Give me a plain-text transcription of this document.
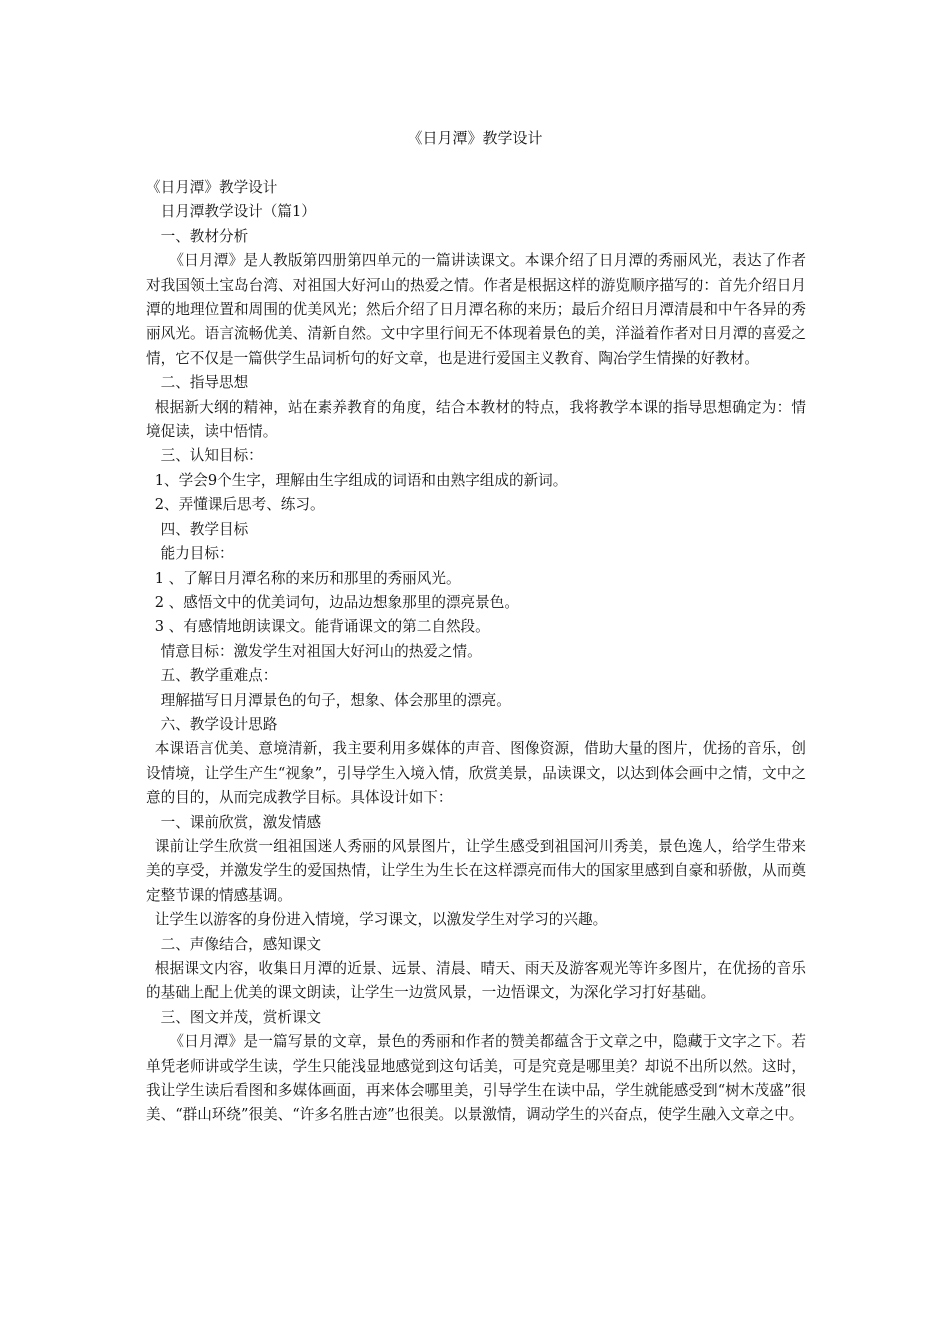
《日月潭》教学设计

《日月潭》教学设计

日月潭教学设计（篇1）

一、教材分析

《日月潭》是人教版第四册第四单元的一篇讲读课文。本课介绍了日月潭的秀丽风光，表达了作者对我国领土宝岛台湾、对祖国大好河山的热爱之情。作者是根据这样的游览顺序描写的：首先介绍日月潭的地理位置和周围的优美风光；然后介绍了日月潭名称的来历；最后介绍日月潭清晨和中午各异的秀丽风光。语言流畅优美、清新自然。文中字里行间无不体现着景色的美，洋溢着作者对日月潭的喜爱之情，它不仅是一篇供学生品词析句的好文章，也是进行爱国主义教育、陶冶学生情操的好教材。

二、指导思想

根据新大纲的精神，站在素养教育的角度，结合本教材的特点，我将教学本课的指导思想确定为：情境促读，读中悟情。

三、认知目标：

1、学会9个生字，理解由生字组成的词语和由熟字组成的新词。

2、弄懂课后思考、练习。

四、教学目标

能力目标：

1 、了解日月潭名称的来历和那里的秀丽风光。

2 、感悟文中的优美词句，边品边想象那里的漂亮景色。

3 、有感情地朗读课文。能背诵课文的第二自然段。

情意目标：激发学生对祖国大好河山的热爱之情。

五、教学重难点：

理解描写日月潭景色的句子，想象、体会那里的漂亮。

六、教学设计思路

本课语言优美、意境清新，我主要利用多媒体的声音、图像资源，借助大量的图片，优扬的音乐，创设情境，让学生产生“视象”，引导学生入境入情，欣赏美景，品读课文，以达到体会画中之情，文中之意的目的，从而完成教学目标。具体设计如下：

一、课前欣赏，激发情感

课前让学生欣赏一组祖国迷人秀丽的风景图片，让学生感受到祖国河川秀美，景色逸人，给学生带来美的享受，并激发学生的爱国热情，让学生为生长在这样漂亮而伟大的国家里感到自豪和骄傲，从而奠定整节课的情感基调。

让学生以游客的身份进入情境，学习课文，以激发学生对学习的兴趣。

二、声像结合，感知课文

根据课文内容，收集日月潭的近景、远景、清晨、晴天、雨天及游客观光等许多图片，在优扬的音乐的基础上配上优美的课文朗读，让学生一边赏风景，一边悟课文，为深化学习打好基础。

三、图文并茂，赏析课文

《日月潭》是一篇写景的文章，景色的秀丽和作者的赞美都蕴含于文章之中，隐藏于文字之下。若单凭老师讲或学生读，学生只能浅显地感觉到这句话美，可是究竟是哪里美？却说不出所以然。这时，我让学生读后看图和多媒体画面，再来体会哪里美，引导学生在读中品，学生就能感受到“树木茂盛”很美、“群山环绕”很美、“许多名胜古迹”也很美。以景激情，调动学生的兴奋点，使学生融入文章之中。
